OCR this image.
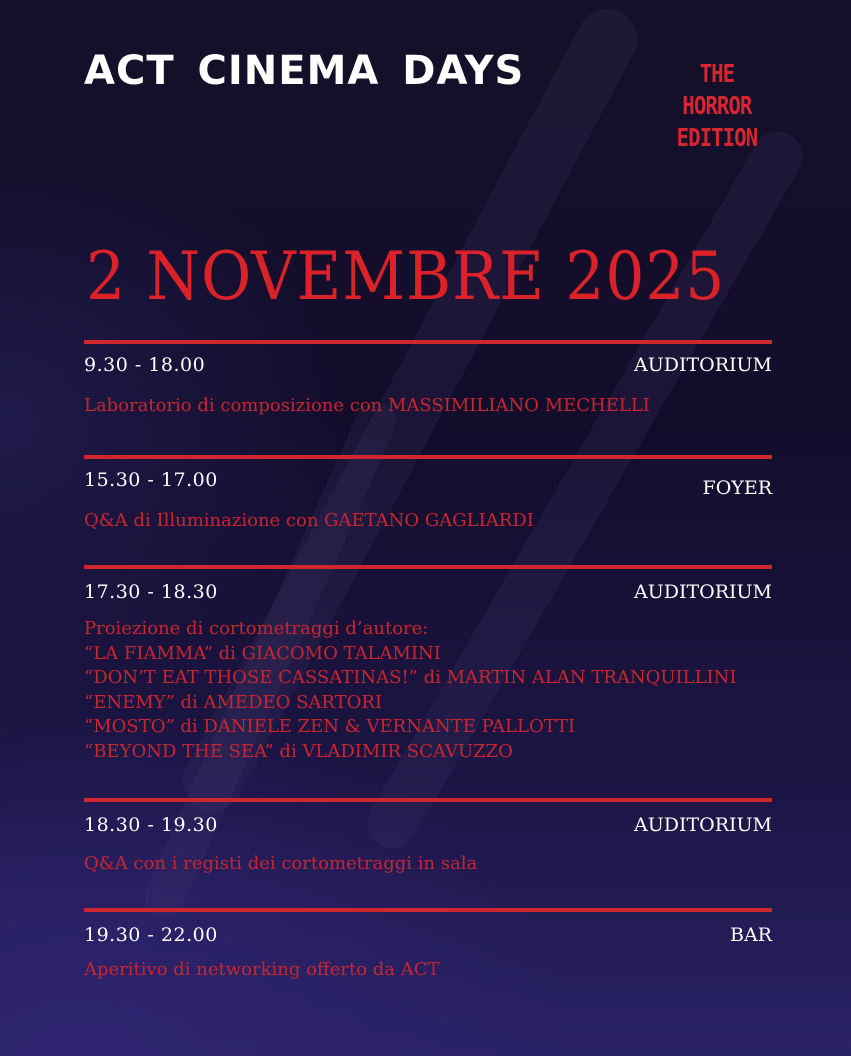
ACT CINEMA DAYS	THE
HORROR
EDITION
2 NOVEMBRE 2025
9.30 - 18.00	AUDITORIUM
Laboratorio di composizione con MASSIMILIANO MECHELLI
15.30 - 17.00	FOYER
Q&A di Illuminazione con GAETANO GAGLIARDI
17.30 - 18.30	AUDITORIUM
Proiezione di cortometraggi d’autore:
“LA FIAMMA” di GIACOMO TALAMINI
“DON’T EAT THOSE CASSATINAS!” di MARTIN ALAN TRANQUILLINI
“ENEMY” di AMEDEO SARTORI
“MOSTO” di DANIELE ZEN & VERNANTE PALLOTTI
“BEYOND THE SEA” di VLADIMIR SCAVUZZO
18.30 - 19.30	AUDITORIUM
Q&A con i registi dei cortometraggi in sala
19.30 - 22.00	BAR
Aperitivo di networking offerto da ACT
